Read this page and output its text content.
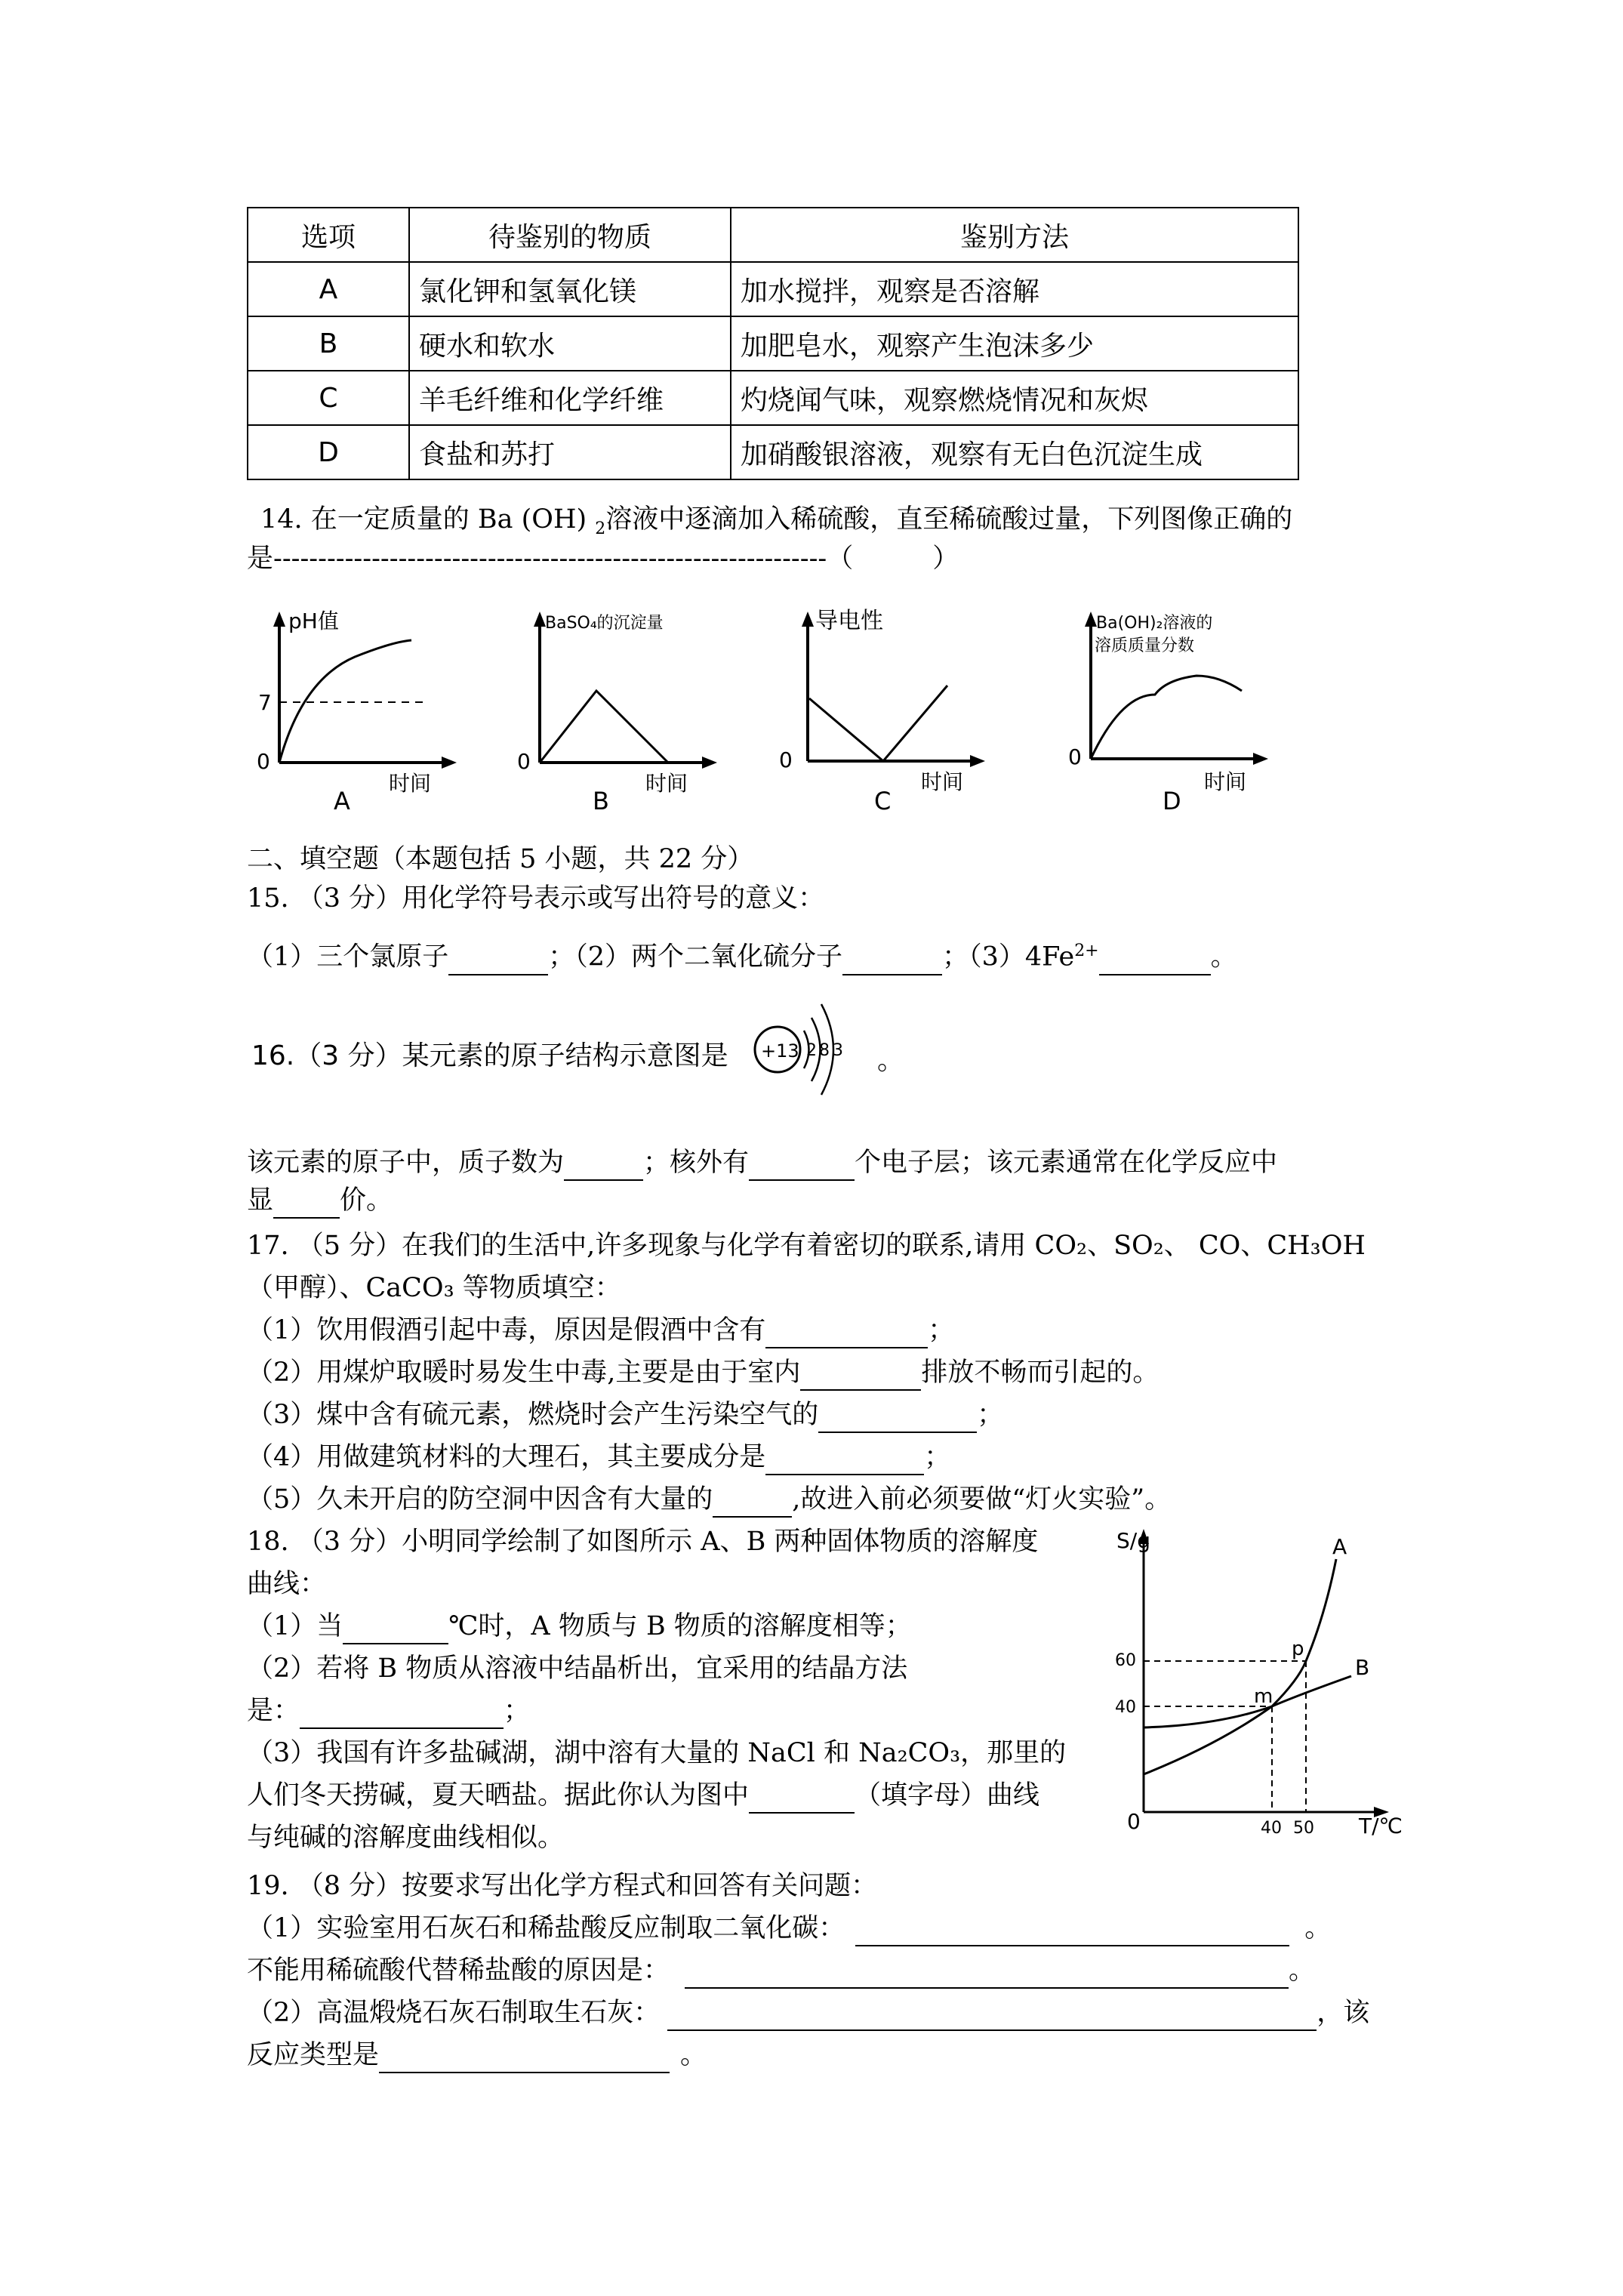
选项	待鉴别的物质	鉴别方法
A	氯化钾和氢氧化镁	加水搅拌，观察是否溶解
B	硬水和软水	加肥皂水，观察产生泡沫多少
C	羊毛纤维和化学纤维	灼烧闻气味，观察燃烧情况和灰烬
D	食盐和苏打	加硝酸银溶液，观察有无白色沉淀生成
14. 在一定质量的 Ba (OH) $_2$溶液中逐滴加入稀硫酸，直至稀硫酸过量，下列图像正确的
是--------------------------------------------------------------（　　　）
pH值
7
0
时间
A
BaSO₄的沉淀量
0
时间
B
导电性
0
时间
C
Ba(OH)₂溶液的
溶质质量分数
0
时间
D
二、填空题（本题包括 5 小题，共 22 分）
15. （3 分）用化学符号表示或写出符号的意义：
（1）三个氯原子	；（2）两个二氧化硫分子	；$(3)4Fe^{2+}$	。
16.（3 分）某元素的原子结构示意图是 +13 2 8 3 。
该元素的原子中，质子数为	；核外有	个电子层；该元素通常在化学反应中
显	价。
17. （5 分）在我们的生活中,许多现象与化学有着密切的联系,请用 CO₂、SO₂、 CO、CH₃OH
（甲醇）、CaCO₃ 等物质填空：
（1）饮用假酒引起中毒，原因是假酒中含有	；
（2）用煤炉取暖时易发生中毒,主要是由于室内	排放不畅而引起的。
（3）煤中含有硫元素，燃烧时会产生污染空气的	；
（4）用做建筑材料的大理石，其主要成分是	；
（5）久未开启的防空洞中因含有大量的	,故进入前必须要做“灯火实验”。
18. （3 分）小明同学绘制了如图所示 A、B 两种固体物质的溶解度
曲线：
（1）当	℃时，A 物质与 B 物质的溶解度相等；
（2）若将 B 物质从溶液中结晶析出，宜采用的结晶方法
是：	；
（3）我国有许多盐碱湖，湖中溶有大量的 NaCl 和 Na₂CO₃，那里的
人们冬天捞碱，夏天晒盐。据此你认为图中	（填字母）曲线
与纯碱的溶解度曲线相似。
S/g
T/℃
0
60
40
40 50
A
B
m
p
19. （8 分）按要求写出化学方程式和回答有关问题：
（1）实验室用石灰石和稀盐酸反应制取二氧化碳：	。
不能用稀硫酸代替稀盐酸的原因是：	。
（2）高温煅烧石灰石制取生石灰：	，该
反应类型是	。
